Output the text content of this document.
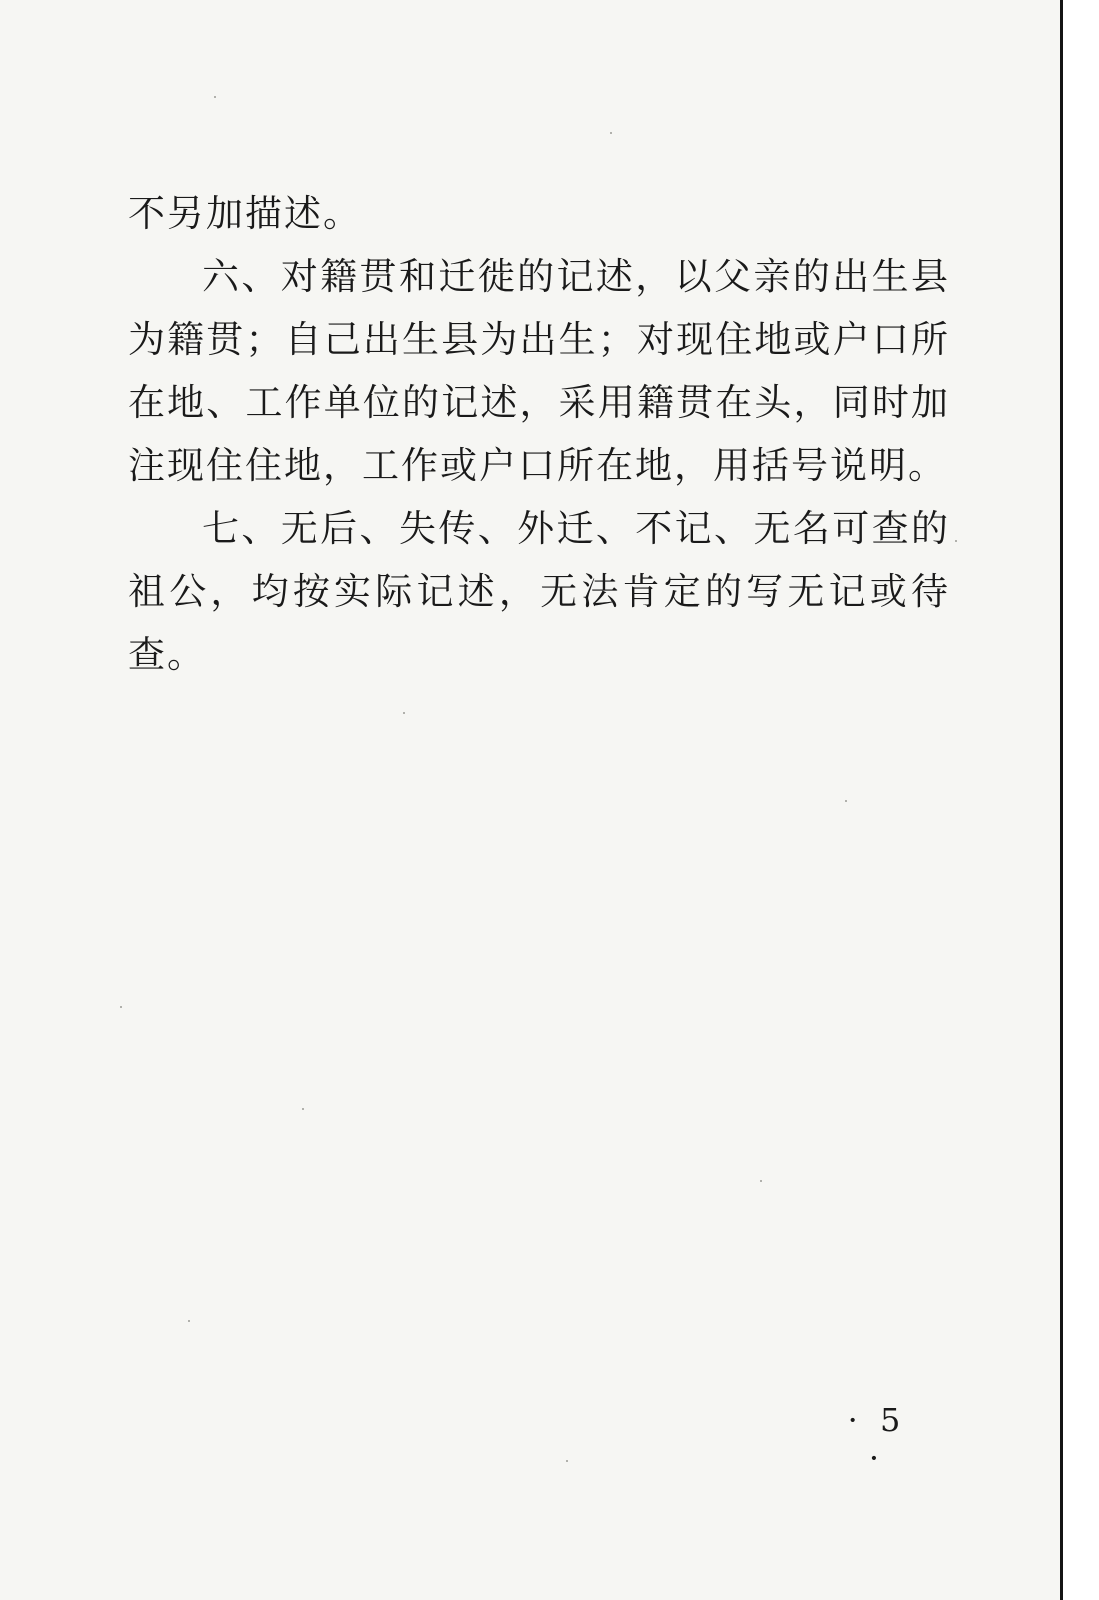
不另加描述。

六、对籍贯和迁徙的记述，以父亲的出生县为籍贯；自己出生县为出生；对现住地或户口所在地、工作单位的记述，采用籍贯在头，同时加注现住住地，工作或户口所在地，用括号说明。

七、无后、失传、外迁、不记、无名可查的祖公，均按实际记述，无法肯定的写无记或待查。

· 5 ·
